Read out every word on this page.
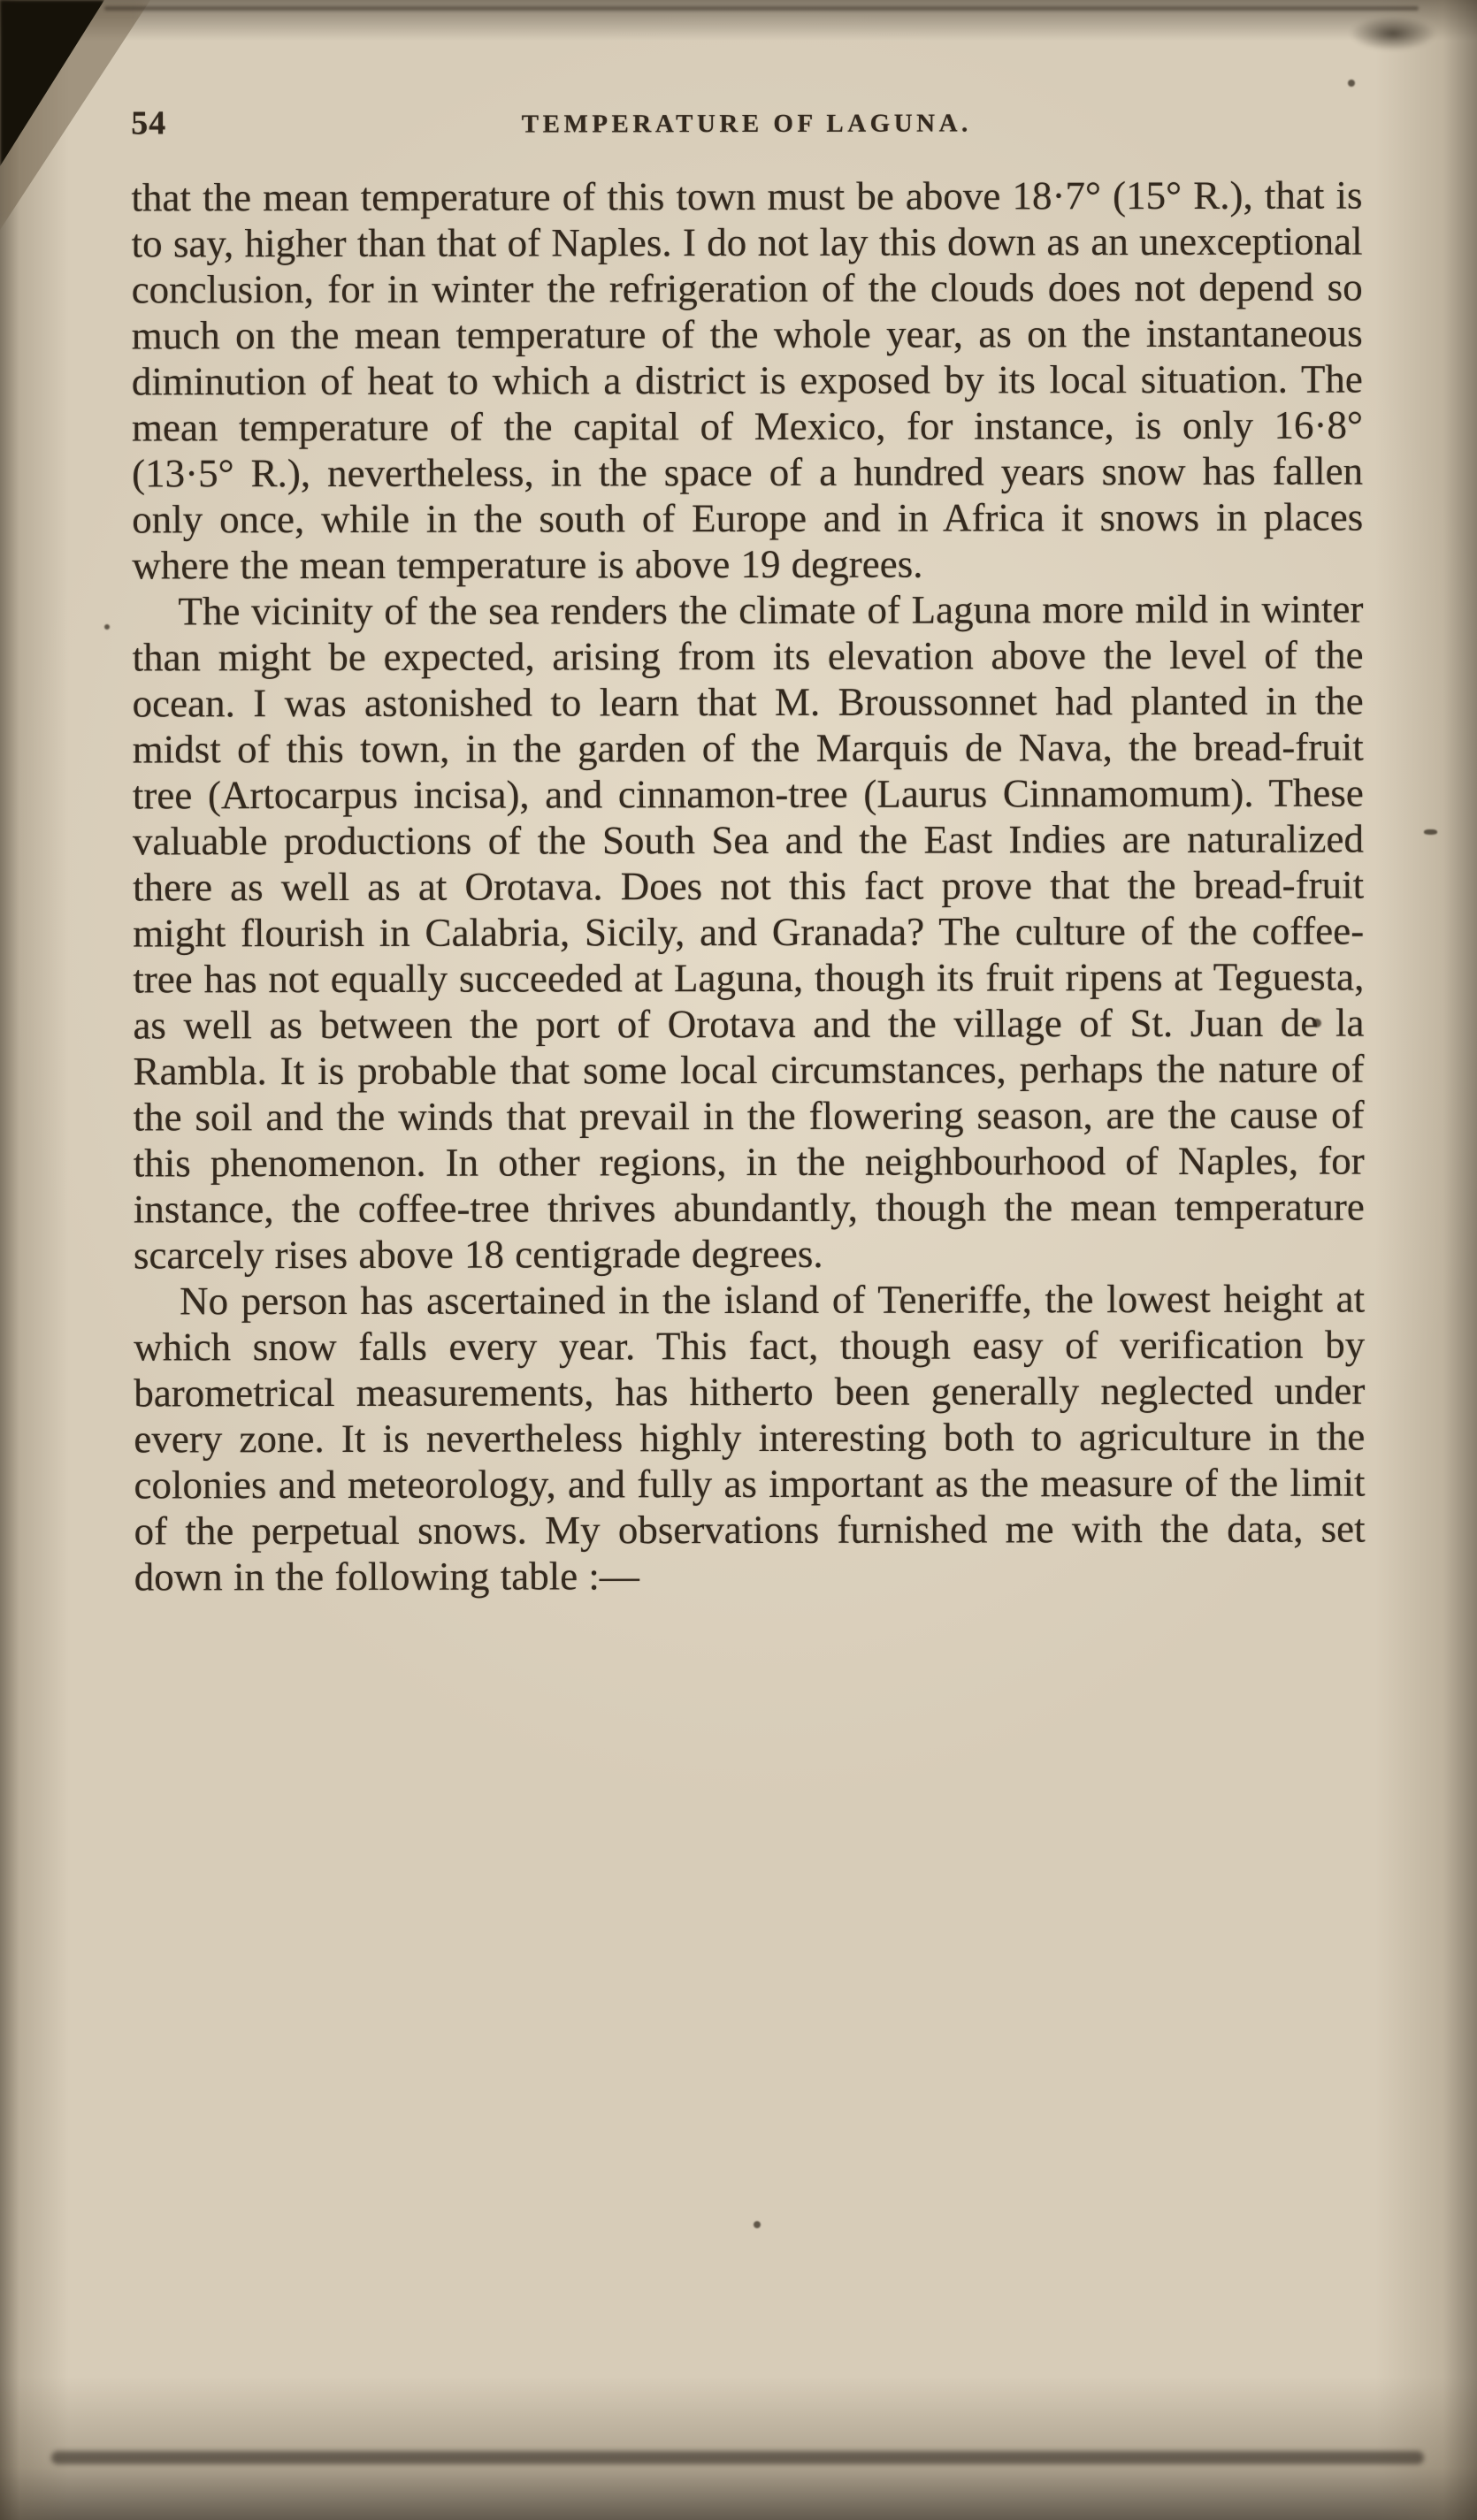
54	TEMPERATURE OF LAGUNA.

that the mean temperature of this town must be above 18·7° (15° R.), that is to say, higher than that of Naples. I do not lay this down as an unexceptional conclusion, for in winter the refrigeration of the clouds does not depend so much on the mean temperature of the whole year, as on the instantaneous diminution of heat to which a district is exposed by its local situation. The mean temperature of the capital of Mexico, for instance, is only 16·8° (13·5° R.), nevertheless, in the space of a hundred years snow has fallen only once, while in the south of Europe and in Africa it snows in places where the mean temperature is above 19 degrees.

The vicinity of the sea renders the climate of Laguna more mild in winter than might be expected, arising from its elevation above the level of the ocean. I was astonished to learn that M. Broussonnet had planted in the midst of this town, in the garden of the Marquis de Nava, the bread-fruit tree (Artocarpus incisa), and cinnamon-tree (Laurus Cinnamomum). These valuable productions of the South Sea and the East Indies are naturalized there as well as at Orotava. Does not this fact prove that the bread-fruit might flourish in Calabria, Sicily, and Granada? The culture of the coffee-tree has not equally succeeded at Laguna, though its fruit ripens at Teguesta, as well as between the port of Orotava and the village of St. Juan de la Rambla. It is probable that some local circumstances, perhaps the nature of the soil and the winds that prevail in the flowering season, are the cause of this phenomenon. In other regions, in the neighbourhood of Naples, for instance, the coffee-tree thrives abundantly, though the mean temperature scarcely rises above 18 centigrade degrees.

No person has ascertained in the island of Teneriffe, the lowest height at which snow falls every year. This fact, though easy of verification by barometrical measurements, has hitherto been generally neglected under every zone. It is nevertheless highly interesting both to agriculture in the colonies and meteorology, and fully as important as the measure of the limit of the perpetual snows. My observations furnished me with the data, set down in the following table :—
